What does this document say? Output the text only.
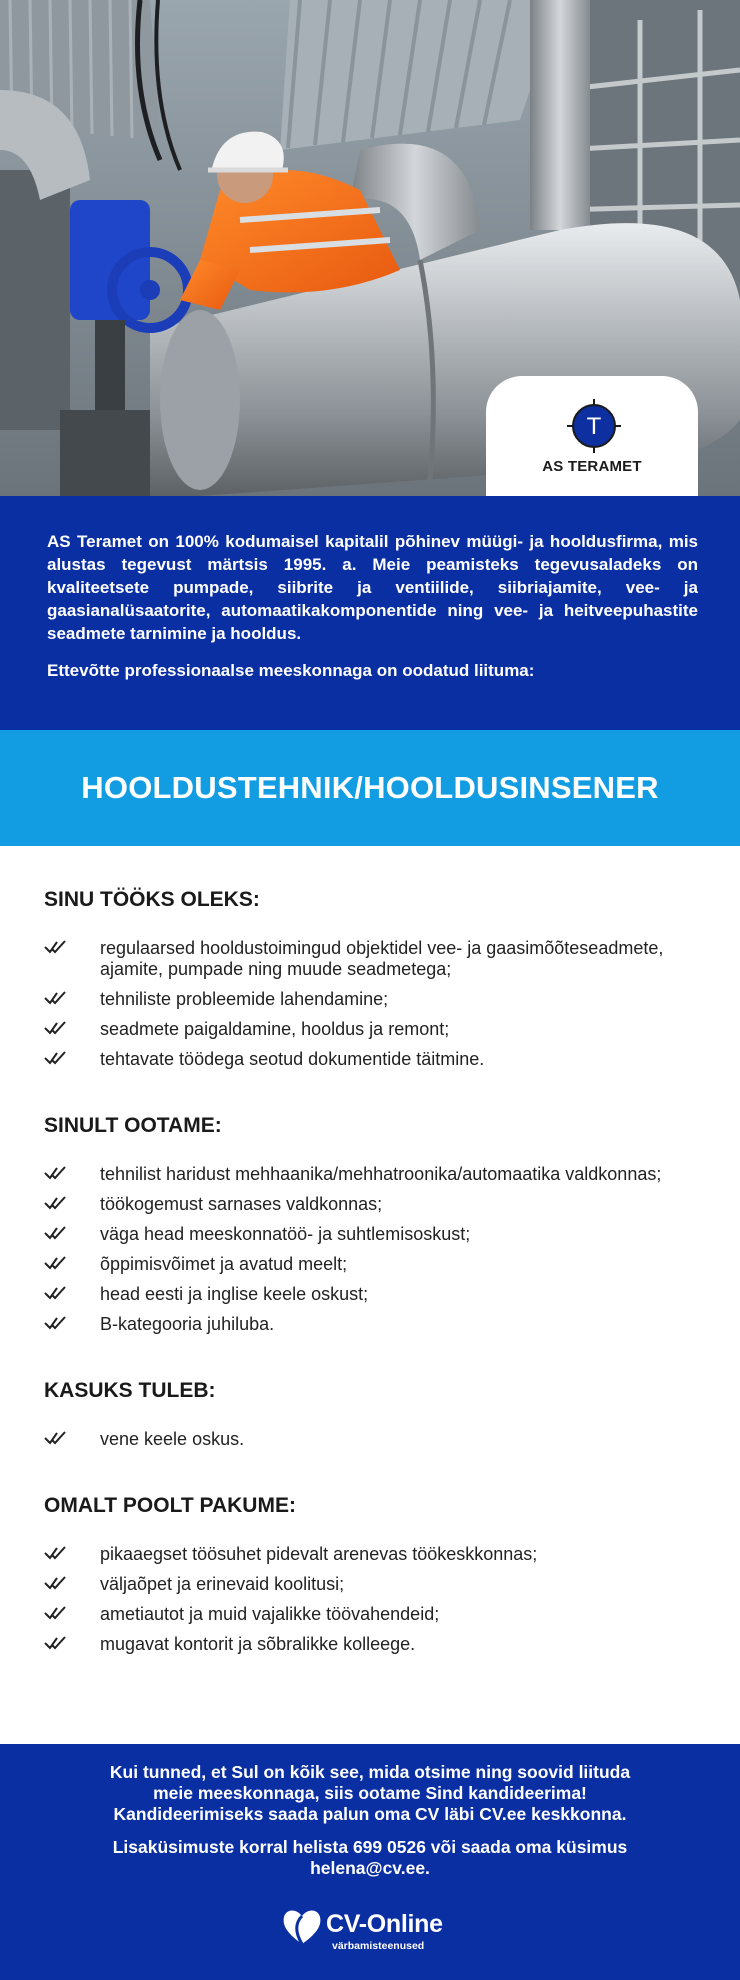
T
AS TERAMET

AS Teramet on 100% kodumaisel kapitalil põhinev müügi- ja hooldusfirma, mis alustas tegevust märtsis 1995. a. Meie peamisteks tegevusaladeks on kvaliteetsete pumpade, siibrite ja ventiilide, siibriajamite, vee- ja gaasianalüsaatorite, automaatikakomponentide ning vee- ja heitveepuhastite seadmete tarnimine ja hooldus.

Ettevõtte professionaalse meeskonnaga on oodatud liituma:

HOOLDUSTEHNIK/HOOLDUSINSENER
SINU TÖÖKS OLEKS:
regulaarsed hooldustoimingud objektidel vee- ja gaasimõõteseadmete, ajamite, pumpade ning muude seadmetega;
tehniliste probleemide lahendamine;
seadmete paigaldamine, hooldus ja remont;
tehtavate töödega seotud dokumentide täitmine.
SINULT OOTAME:
tehnilist haridust mehhaanika/mehhatroonika/automaatika valdkonnas;
töökogemust sarnases valdkonnas;
väga head meeskonnatöö- ja suhtlemisoskust;
õppimisvõimet ja avatud meelt;
head eesti ja inglise keele oskust;
B-kategooria juhiluba.
KASUKS TULEB:
vene keele oskus.
OMALT POOLT PAKUME:
pikaaegset töösuhet pidevalt arenevas töökeskkonnas;
väljaõpet ja erinevaid koolitusi;
ametiautot ja muid vajalikke töövahendeid;
mugavat kontorit ja sõbralikke kolleege.

Kui tunned, et Sul on kõik see, mida otsime ning soovid liituda

meie meeskonnaga, siis ootame Sind kandideerima!

Kandideerimiseks saada palun oma CV läbi CV.ee keskkonna.

Lisaküsimuste korral helista 699 0526 või saada oma küsimus

helena@cv.ee.

CV-Online
värbamisteenused
